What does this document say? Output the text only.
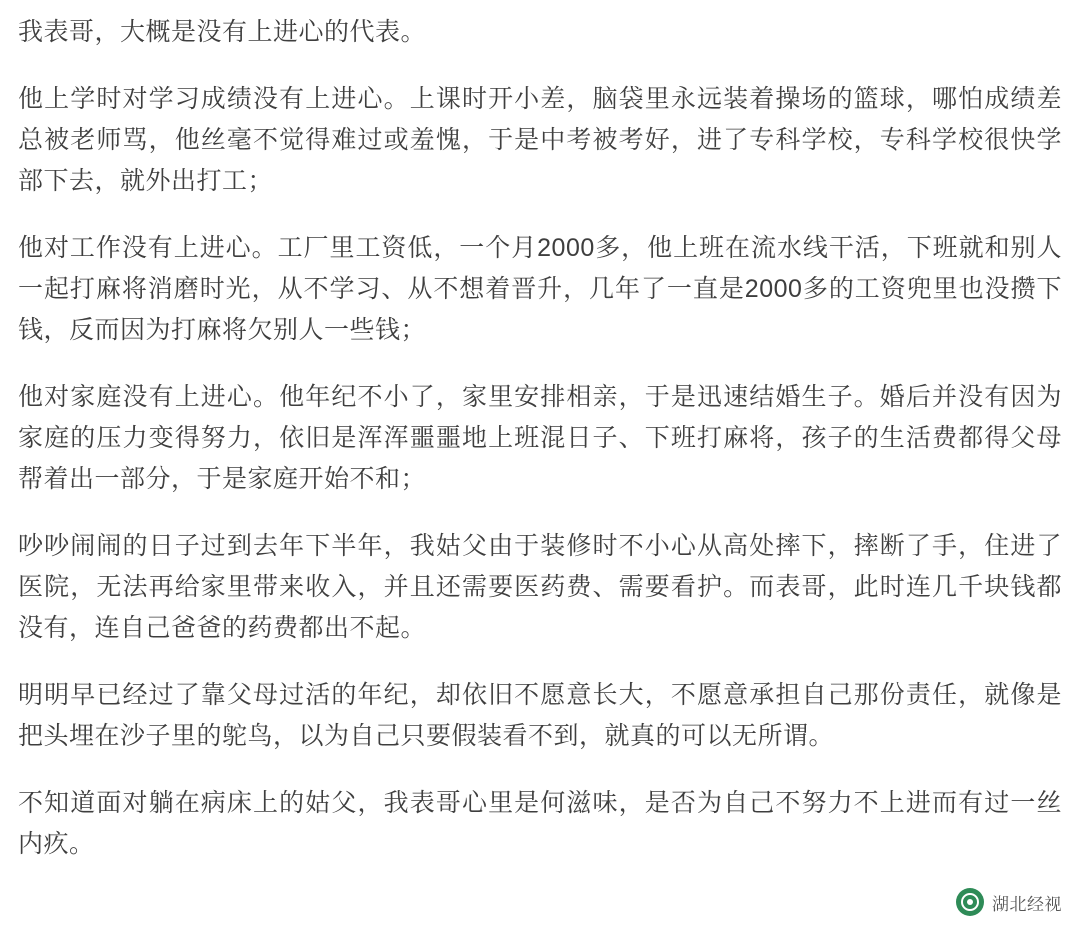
我表哥，大概是没有上进心的代表。

他上学时对学习成绩没有上进心。上课时开小差，脑袋里永远装着操场的篮球，哪怕成绩差总被老师骂，他丝毫不觉得难过或羞愧，于是中考被考好，进了专科学校，专科学校很快学部下去，就外出打工；

他对工作没有上进心。工厂里工资低，一个月2000多，他上班在流水线干活，下班就和别人一起打麻将消磨时光，从不学习、从不想着晋升，几年了一直是2000多的工资兜里也没攒下钱，反而因为打麻将欠别人一些钱；

他对家庭没有上进心。他年纪不小了，家里安排相亲，于是迅速结婚生子。婚后并没有因为家庭的压力变得努力，依旧是浑浑噩噩地上班混日子、下班打麻将，孩子的生活费都得父母帮着出一部分，于是家庭开始不和；

吵吵闹闹的日子过到去年下半年，我姑父由于装修时不小心从高处摔下，摔断了手，住进了医院，无法再给家里带来收入，并且还需要医药费、需要看护。而表哥，此时连几千块钱都没有，连自己爸爸的药费都出不起。

明明早已经过了靠父母过活的年纪，却依旧不愿意长大，不愿意承担自己那份责任，就像是把头埋在沙子里的鸵鸟，以为自己只要假装看不到，就真的可以无所谓。

不知道面对躺在病床上的姑父，我表哥心里是何滋味，是否为自己不努力不上进而有过一丝内疚。

湖北经视
